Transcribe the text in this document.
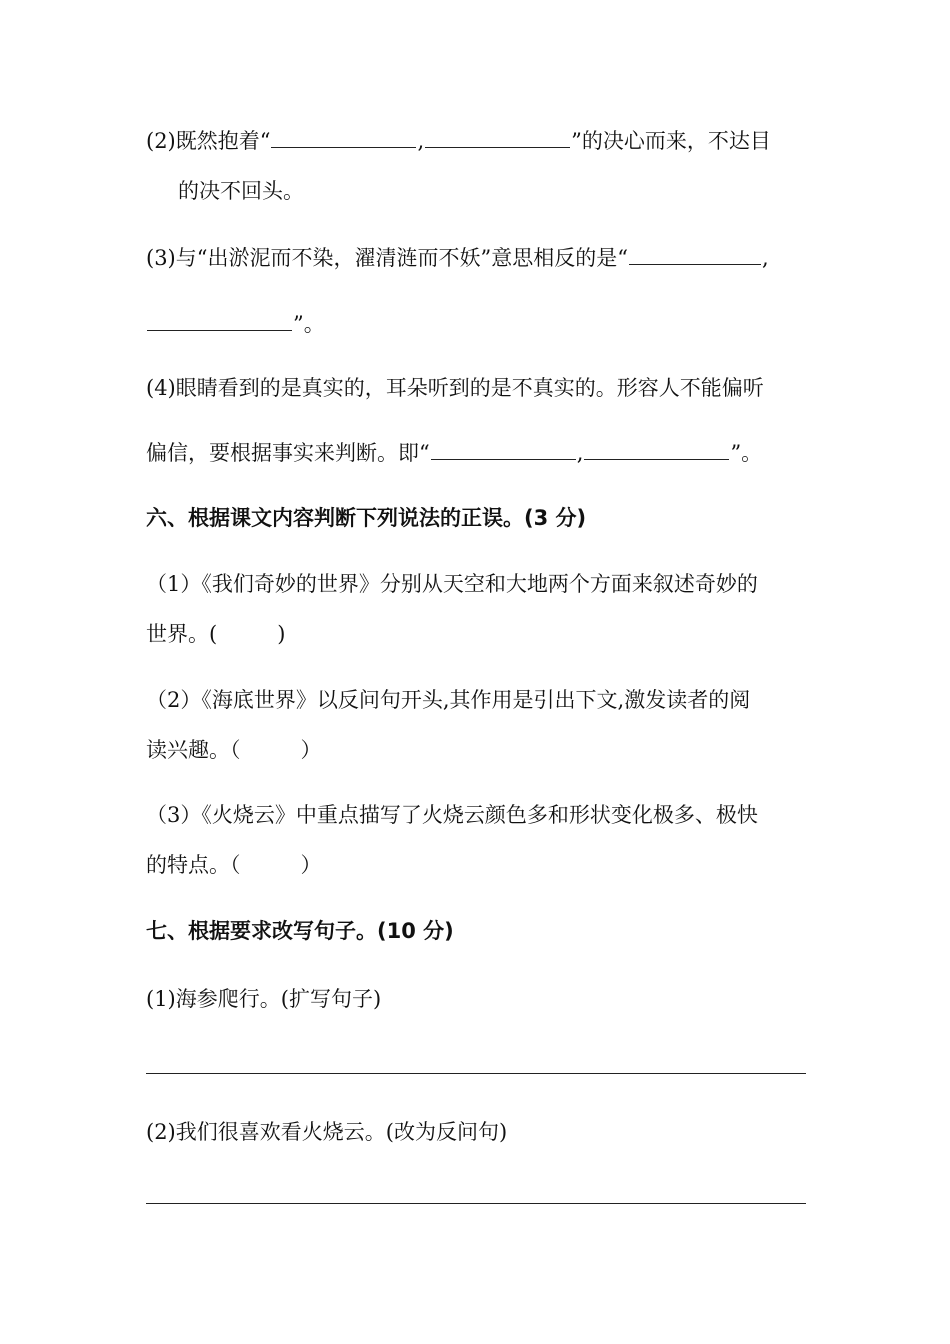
(2)既然抱着“	,	”的决心而来，不达目
的决不回头。
(3)与“出淤泥而不染，濯清涟而不妖”意思相反的是“	,
”。
(4)眼睛看到的是真实的，耳朵听到的是不真实的。形容人不能偏听
偏信，要根据事实来判断。即“	,	”。
六、根据课文内容判断下列说法的正误。(3 分)
（1）《我们奇妙的世界》分别从天空和大地两个方面来叙述奇妙的
世界。(	)
（2）《海底世界》以反问句开头,其作用是引出下文,激发读者的阅
读兴趣。（	）
（3）《火烧云》中重点描写了火烧云颜色多和形状变化极多、极快
的特点。（	）
七、根据要求改写句子。(10 分)
(1)海参爬行。(扩写句子)
(2)我们很喜欢看火烧云。(改为反问句)
